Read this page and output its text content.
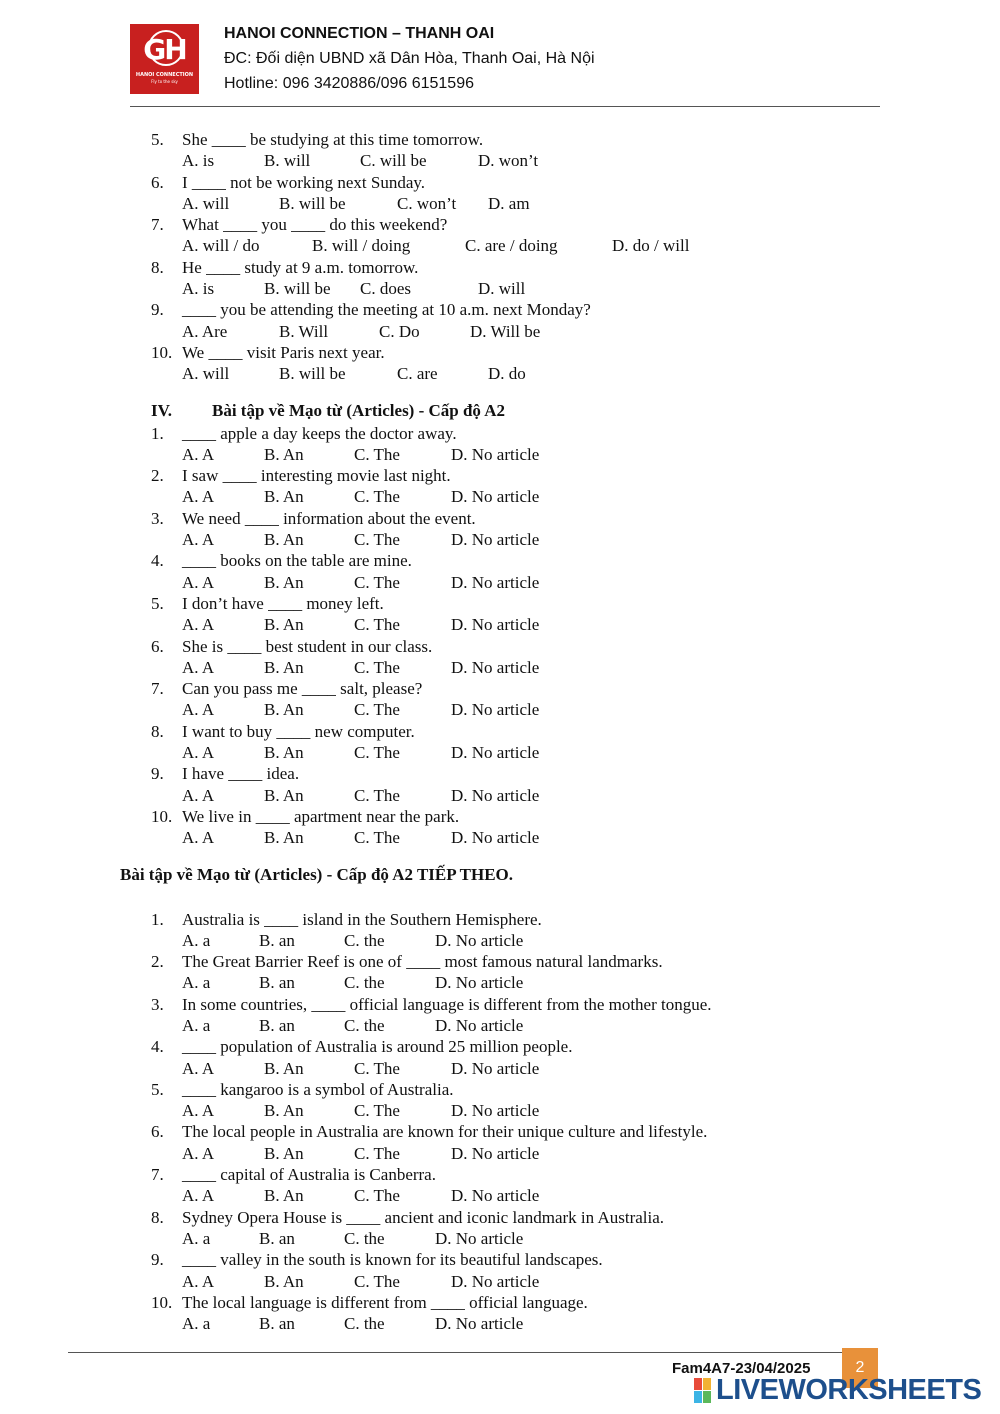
GH
HANOI CONNECTION
Fly to the sky
HANOI CONNECTION – THANH OAI
ĐC: Đối diện UBND xã Dân Hòa, Thanh Oai, Hà Nội
Hotline: 096 3420886/096 6151596
5. She ____ be studying at this time tomorrow.
A. is	B. will	C. will be	D. won’t
6. I ____ not be working next Sunday.
A. will	B. will be	C. won’t D. am
7. What ____ you ____ do this weekend?
A. will / do	B. will / doing	C. are / doing	D. do / will
8. He ____ study at 9 a.m. tomorrow.
A. is	B. will be C. does	D. will
9. ____ you be attending the meeting at 10 a.m. next Monday?
A. Are	B. Will	C. Do	D. Will be
10. We ____ visit Paris next year.
A. will	B. will be	C. are	D. do
IV. Bài tập về Mạo từ (Articles) - Cấp độ A2
1. ____ apple a day keeps the doctor away.
A. A	B. An	C. The	D. No article
2. I saw ____ interesting movie last night.
A. A	B. An	C. The	D. No article
3. We need ____ information about the event.
A. A	B. An	C. The	D. No article
4. ____ books on the table are mine.
A. A	B. An	C. The	D. No article
5. I don’t have ____ money left.
A. A	B. An	C. The	D. No article
6. She is ____ best student in our class.
A. A	B. An	C. The	D. No article
7. Can you pass me ____ salt, please?
A. A	B. An	C. The	D. No article
8. I want to buy ____ new computer.
A. A	B. An	C. The	D. No article
9. I have ____ idea.
A. A	B. An	C. The	D. No article
10. We live in ____ apartment near the park.
A. A	B. An	C. The	D. No article
Bài tập về Mạo từ (Articles) - Cấp độ A2 TIẾP THEO.
1. Australia is ____ island in the Southern Hemisphere.
A. a	B. an	C. the	D. No article
2. The Great Barrier Reef is one of ____ most famous natural landmarks.
A. a	B. an	C. the	D. No article
3. In some countries, ____ official language is different from the mother tongue.
A. a	B. an	C. the	D. No article
4. ____ population of Australia is around 25 million people.
A. A	B. An	C. The	D. No article
5. ____ kangaroo is a symbol of Australia.
A. A	B. An	C. The	D. No article
6. The local people in Australia are known for their unique culture and lifestyle.
A. A	B. An	C. The	D. No article
7. ____ capital of Australia is Canberra.
A. A	B. An	C. The	D. No article
8. Sydney Opera House is ____ ancient and iconic landmark in Australia.
A. a	B. an	C. the	D. No article
9. ____ valley in the south is known for its beautiful landscapes.
A. A	B. An	C. The	D. No article
10. The local language is different from ____ official language.
A. a	B. an	C. the	D. No article
Fam4A7-23/04/2025	2
LIVEWORKSHEETS
